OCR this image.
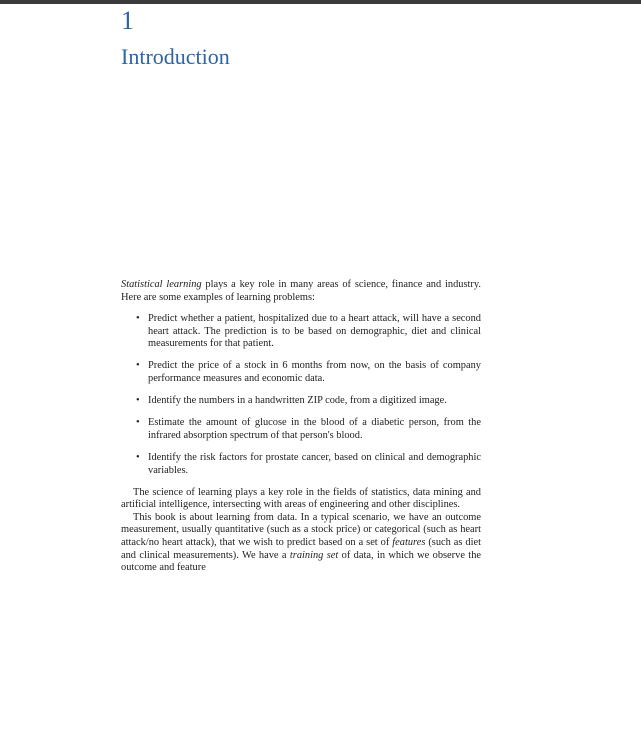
1
Introduction

Statistical learning plays a key role in many areas of science, finance and industry. Here are some examples of learning problems:

• Predict whether a patient, hospitalized due to a heart attack, will have a second heart attack. The prediction is to be based on demographic, diet and clinical measurements for that patient.
• Predict the price of a stock in 6 months from now, on the basis of company performance measures and economic data.
• Identify the numbers in a handwritten ZIP code, from a digitized image.
• Estimate the amount of glucose in the blood of a diabetic person, from the infrared absorption spectrum of that person's blood.
• Identify the risk factors for prostate cancer, based on clinical and demographic variables.

The science of learning plays a key role in the fields of statistics, data mining and artificial intelligence, intersecting with areas of engineering and other disciplines.

This book is about learning from data. In a typical scenario, we have an outcome measurement, usually quantitative (such as a stock price) or categorical (such as heart attack/no heart attack), that we wish to predict based on a set of features (such as diet and clinical measurements). We have a training set of data, in which we observe the outcome and feature
